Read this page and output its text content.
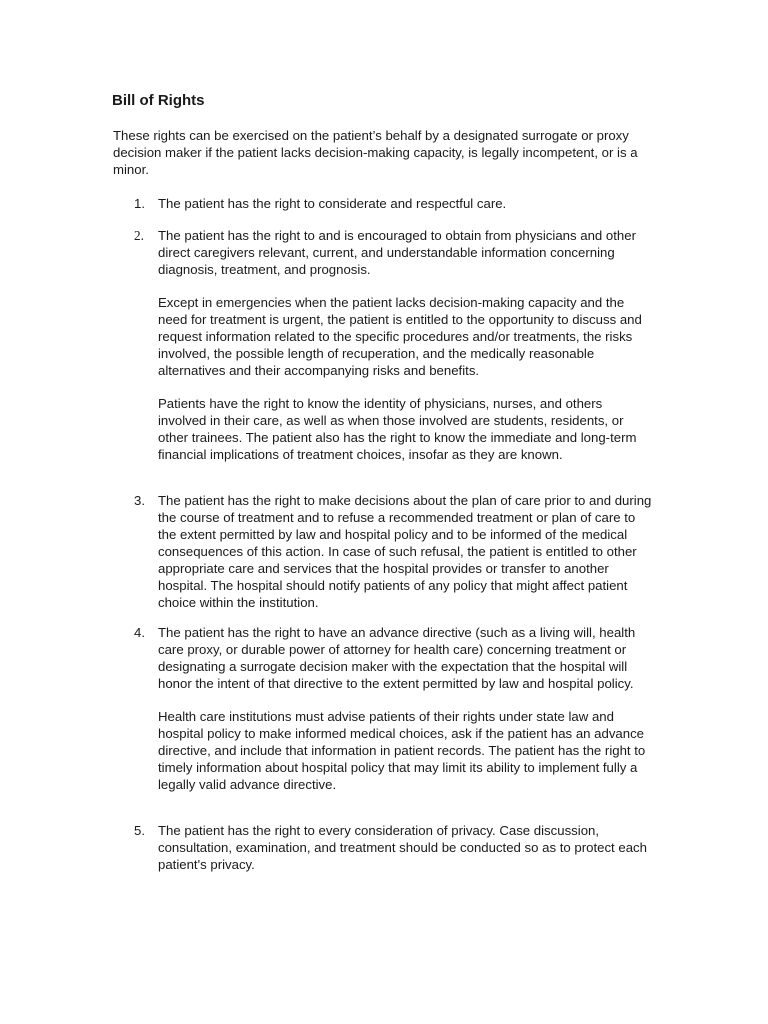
Bill of Rights

These rights can be exercised on the patient’s behalf by a designated surrogate or proxy decision maker if the patient lacks decision-making capacity, is legally incompetent, or is a minor.

1. The patient has the right to considerate and respectful care.

2.	The patient has the right to and is encouraged to obtain from physicians and other direct caregivers relevant, current, and understandable information concerning diagnosis, treatment, and prognosis.

Except in emergencies when the patient lacks decision-making capacity and the need for treatment is urgent, the patient is entitled to the opportunity to discuss and request information related to the specific procedures and/or treatments, the risks involved, the possible length of recuperation, and the medically reasonable alternatives and their accompanying risks and benefits.

Patients have the right to know the identity of physicians, nurses, and others involved in their care, as well as when those involved are students, residents, or other trainees. The patient also has the right to know the immediate and long-term financial implications of treatment choices, insofar as they are known.

3. The patient has the right to make decisions about the plan of care prior to and during the course of treatment and to refuse a recommended treatment or plan of care to the extent permitted by law and hospital policy and to be informed of the medical consequences of this action. In case of such refusal, the patient is entitled to other appropriate care and services that the hospital provides or transfer to another hospital. The hospital should notify patients of any policy that might affect patient choice within the institution.

4. The patient has the right to have an advance directive (such as a living will, health care proxy, or durable power of attorney for health care) concerning treatment or designating a surrogate decision maker with the expectation that the hospital will honor the intent of that directive to the extent permitted by law and hospital policy.

Health care institutions must advise patients of their rights under state law and hospital policy to make informed medical choices, ask if the patient has an advance directive, and include that information in patient records. The patient has the right to timely information about hospital policy that may limit its ability to implement fully a legally valid advance directive.

5. The patient has the right to every consideration of privacy. Case discussion, consultation, examination, and treatment should be conducted so as to protect each patient's privacy.
